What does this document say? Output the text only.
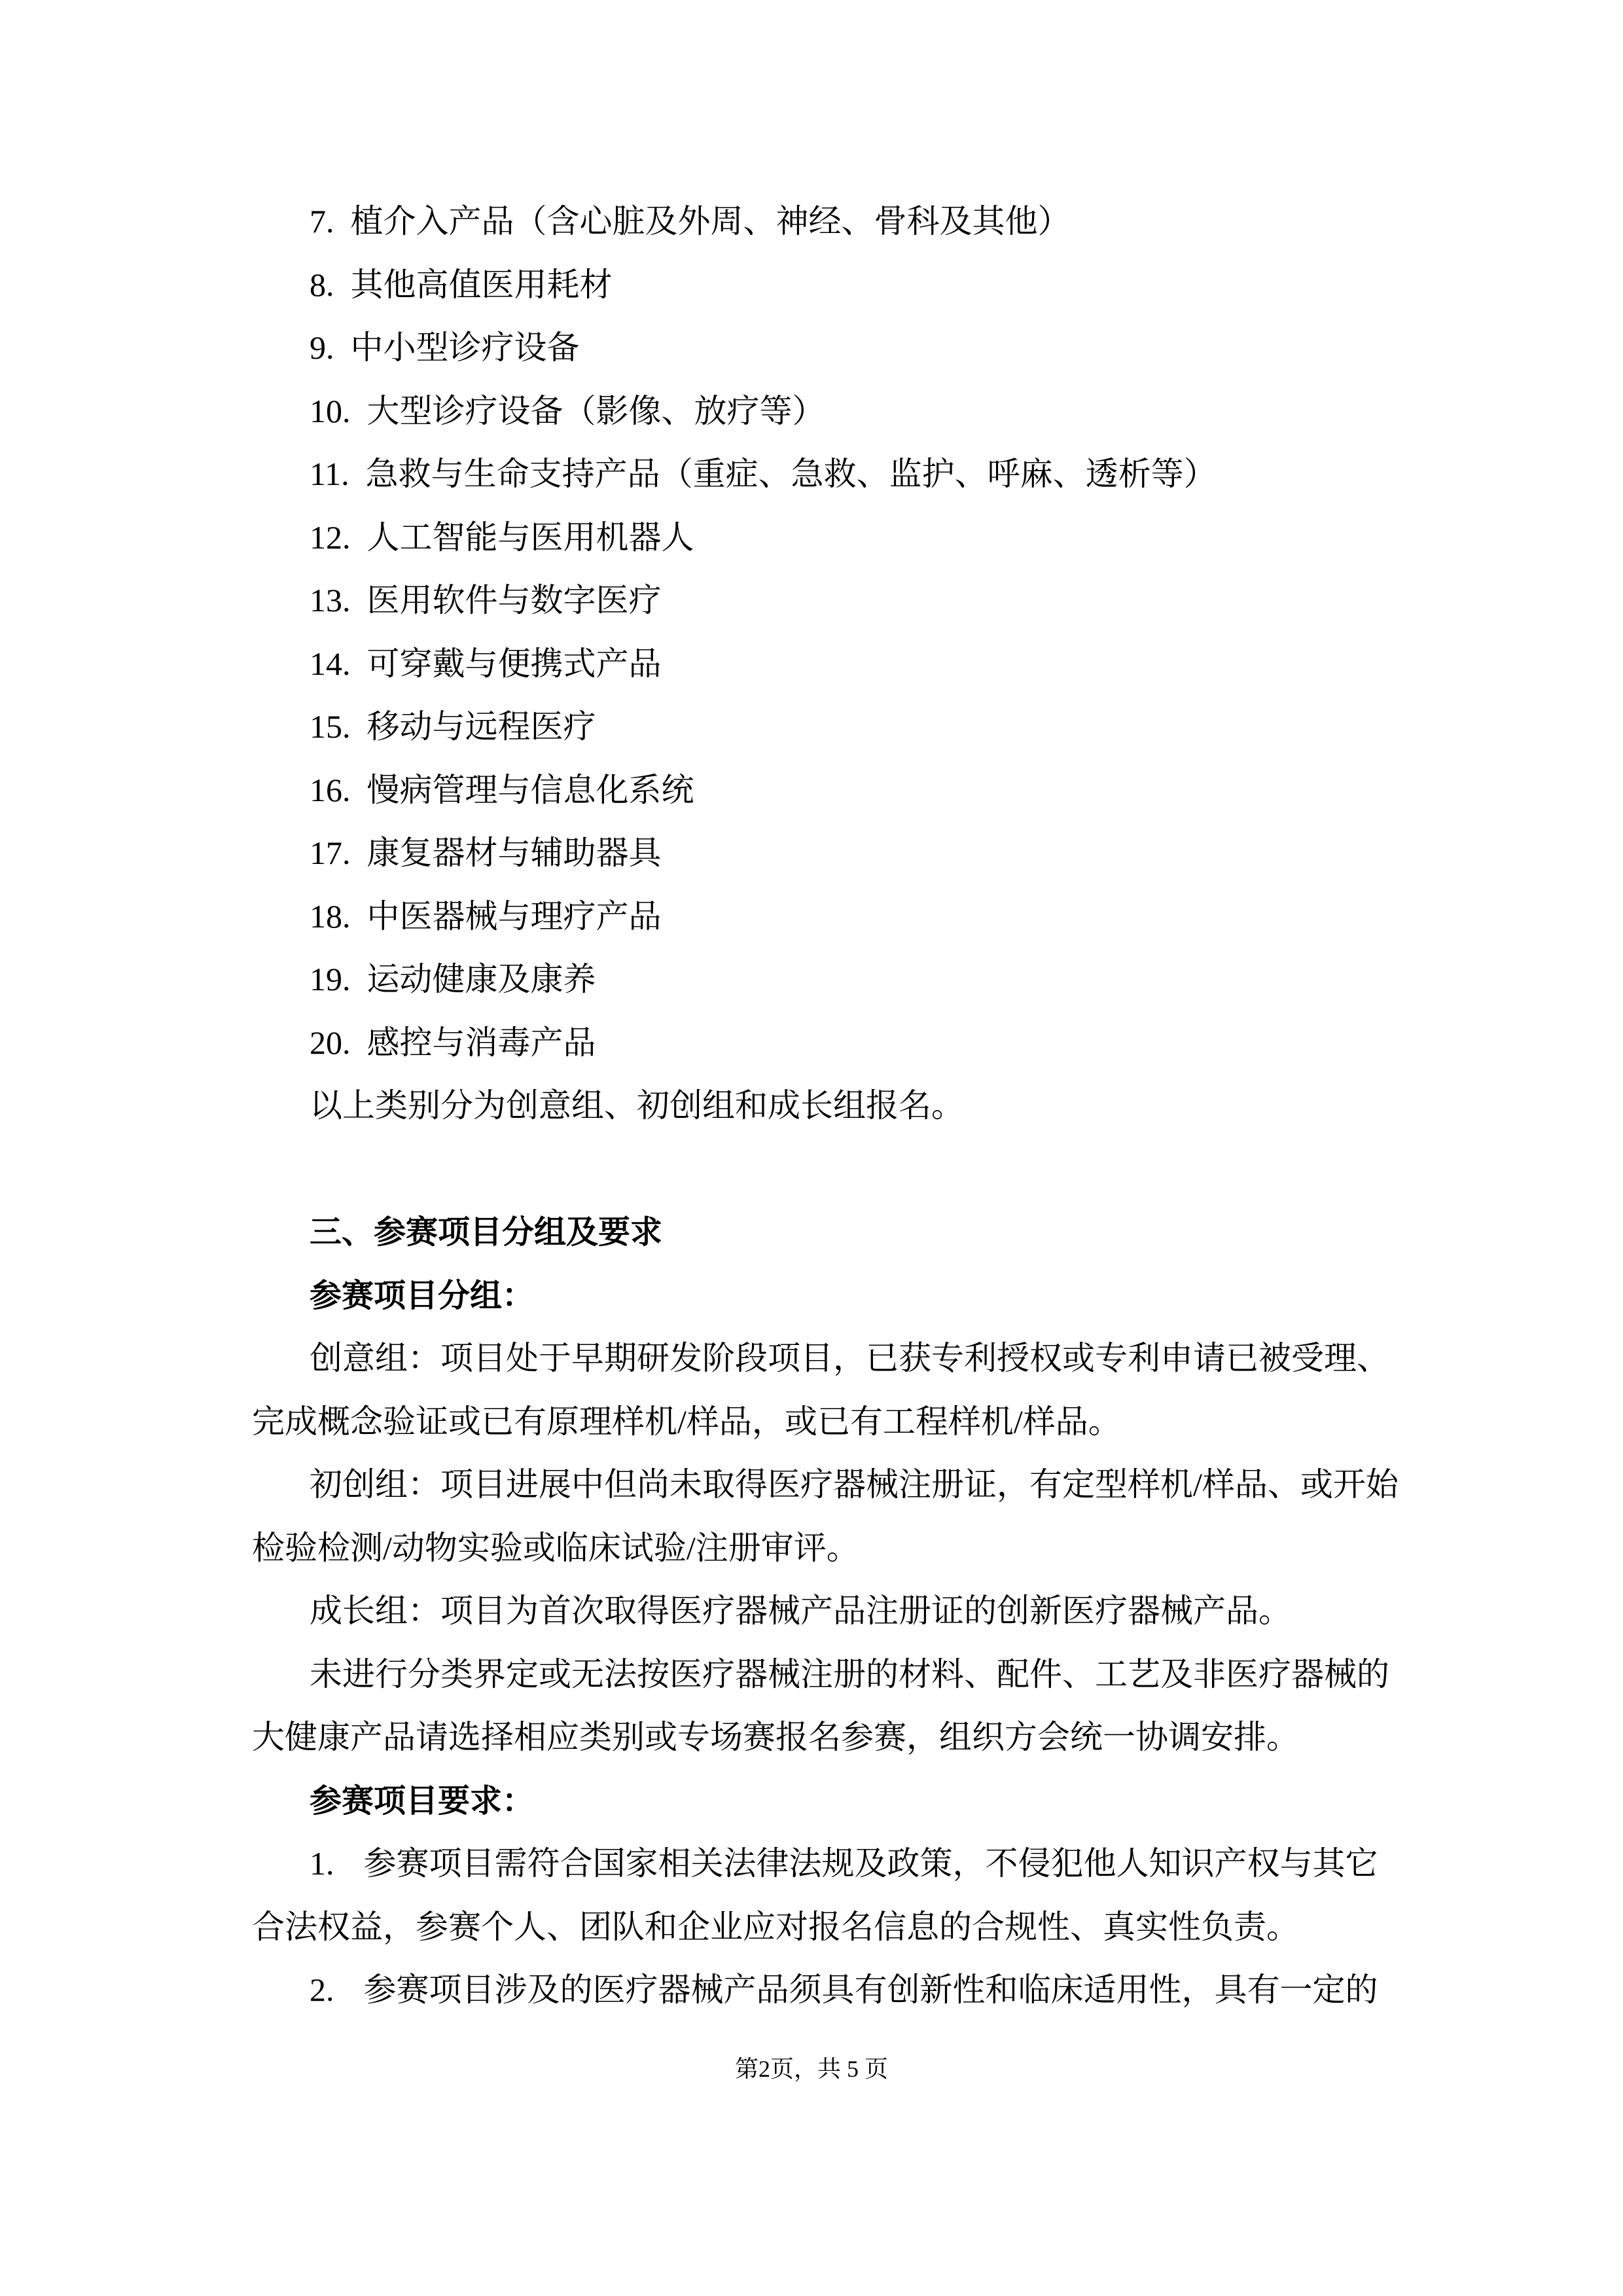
7. 植介入产品（含心脏及外周、神经、骨科及其他）
8. 其他高值医用耗材
9. 中小型诊疗设备
10. 大型诊疗设备（影像、放疗等）
11. 急救与生命支持产品（重症、急救、监护、呼麻、透析等）
12. 人工智能与医用机器人
13. 医用软件与数字医疗
14. 可穿戴与便携式产品
15. 移动与远程医疗
16. 慢病管理与信息化系统
17. 康复器材与辅助器具
18. 中医器械与理疗产品
19. 运动健康及康养
20. 感控与消毒产品
以上类别分为创意组、初创组和成长组报名。
三、参赛项目分组及要求
参赛项目分组：
创意组：项目处于早期研发阶段项目，已获专利授权或专利申请已被受理、
完成概念验证或已有原理样机/样品，或已有工程样机/样品。
初创组：项目进展中但尚未取得医疗器械注册证，有定型样机/样品、或开始
检验检测/动物实验或临床试验/注册审评。
成长组：项目为首次取得医疗器械产品注册证的创新医疗器械产品。
未进行分类界定或无法按医疗器械注册的材料、配件、工艺及非医疗器械的
大健康产品请选择相应类别或专场赛报名参赛，组织方会统一协调安排。
参赛项目要求：
1. 参赛项目需符合国家相关法律法规及政策，不侵犯他人知识产权与其它
合法权益，参赛个人、团队和企业应对报名信息的合规性、真实性负责。
2. 参赛项目涉及的医疗器械产品须具有创新性和临床适用性，具有一定的
第2页，共 5 页
